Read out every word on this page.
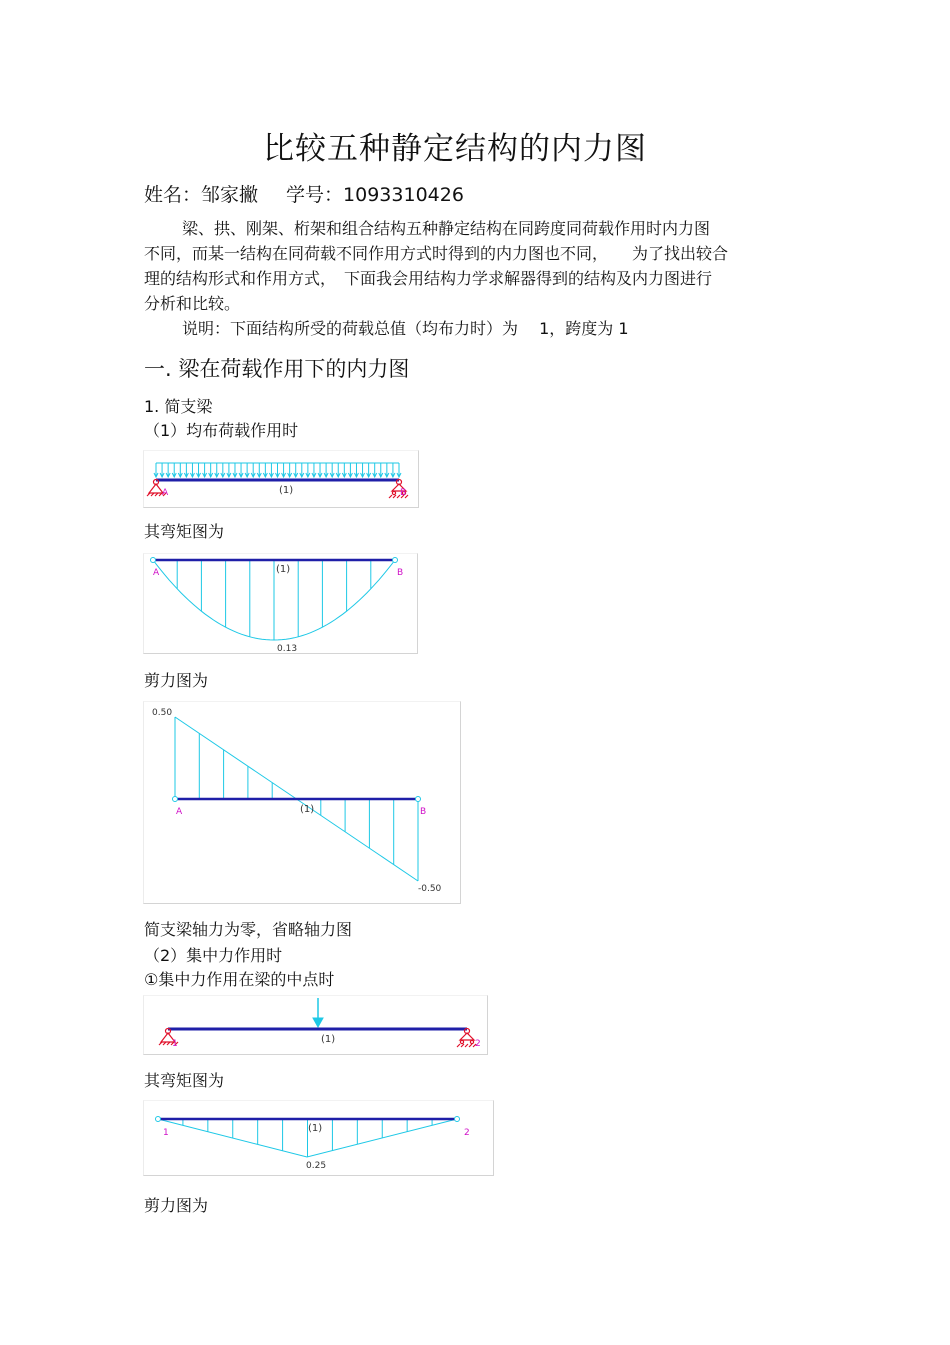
比较五种静定结构的内力图
姓名：邹家撇 学号：1093310426

梁、拱、刚架、桁架和组合结构五种静定结构在同跨度同荷载作用时内力图

不同，而某一结构在同荷载不同作用方式时得到的内力图也不同，　　为了找出较合

理的结构形式和作用方式，　下面我会用结构力学求解器得到的结构及内力图进行

分析和比较。

说明：下面结构所受的荷载总值（均布力时）为　 1，跨度为 1

一. 梁在荷载作用下的内力图
1. 简支梁
（1）均布荷载作用时
A	B
(1)
其弯矩图为
A	B
(1)
0.13
剪力图为
0.50
-0.50
A	B
(1)
简支梁轴力为零，省略轴力图
（2）集中力作用时
①集中力作用在梁的中点时
1	2
(1)
其弯矩图为
1	2
(1)
0.25
剪力图为
